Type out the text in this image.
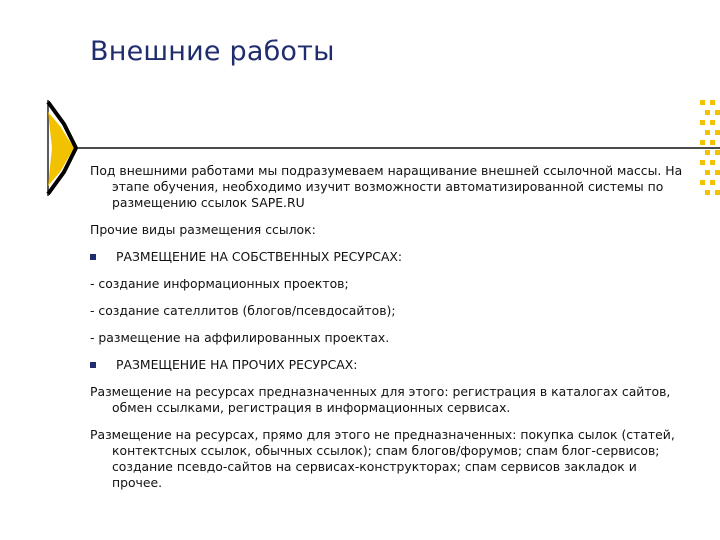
Внешние работы

Под внешними работами мы подразумеваем наращивание внешней ссылочной массы. На этапе обучения, необходимо изучит возможности автоматизированной системы по размещению ссылок SAPE.RU

Прочие виды размещения ссылок:

РАЗМЕЩЕНИЕ НА СОБСТВЕННЫХ РЕСУРСАХ:

- создание информационных проектов;

- создание сателлитов (блогов/псевдосайтов);

- размещение на аффилированных проектах.

РАЗМЕЩЕНИЕ НА ПРОЧИХ РЕСУРСАХ:

Размещение на ресурсах предназначенных для этого: регистрация в каталогах сайтов, обмен ссылками, регистрация в информационных сервисах.

Размещение на ресурсах, прямо для этого не предназначенных: покупка сылок (статей, контектсных ссылок, обычных ссылок); спам блогов/форумов; спам блог-сервисов; создание псевдо-сайтов на сервисах-конструкторах; спам сервисов закладок и прочее.
